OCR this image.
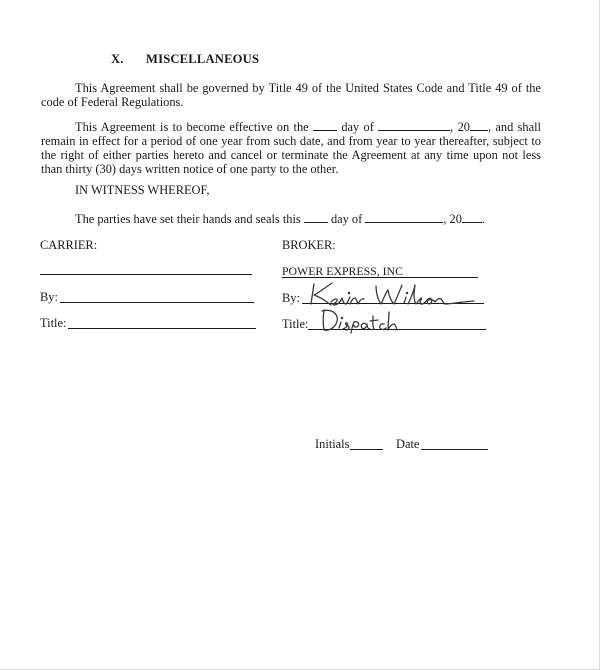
X. MISCELLANEOUS
This Agreement shall be governed by Title 49 of the United States Code and Title 49 of the code of Federal Regulations.
This Agreement is to become effective on the	day of	, 20 , and shall remain in effect for a period of one year from such date, and from year to year thereafter, subject to the right of either parties hereto and cancel or terminate the Agreement at any time upon not less than thirty (30) days written notice of one party to the other.
IN WITNESS WHEREOF,
The parties have set their hands and seals this day of	, 20 .
CARRIER:
By:
Title:
BROKER:
POWER EXPRESS, INC
By:
Title:
Initials	Date
